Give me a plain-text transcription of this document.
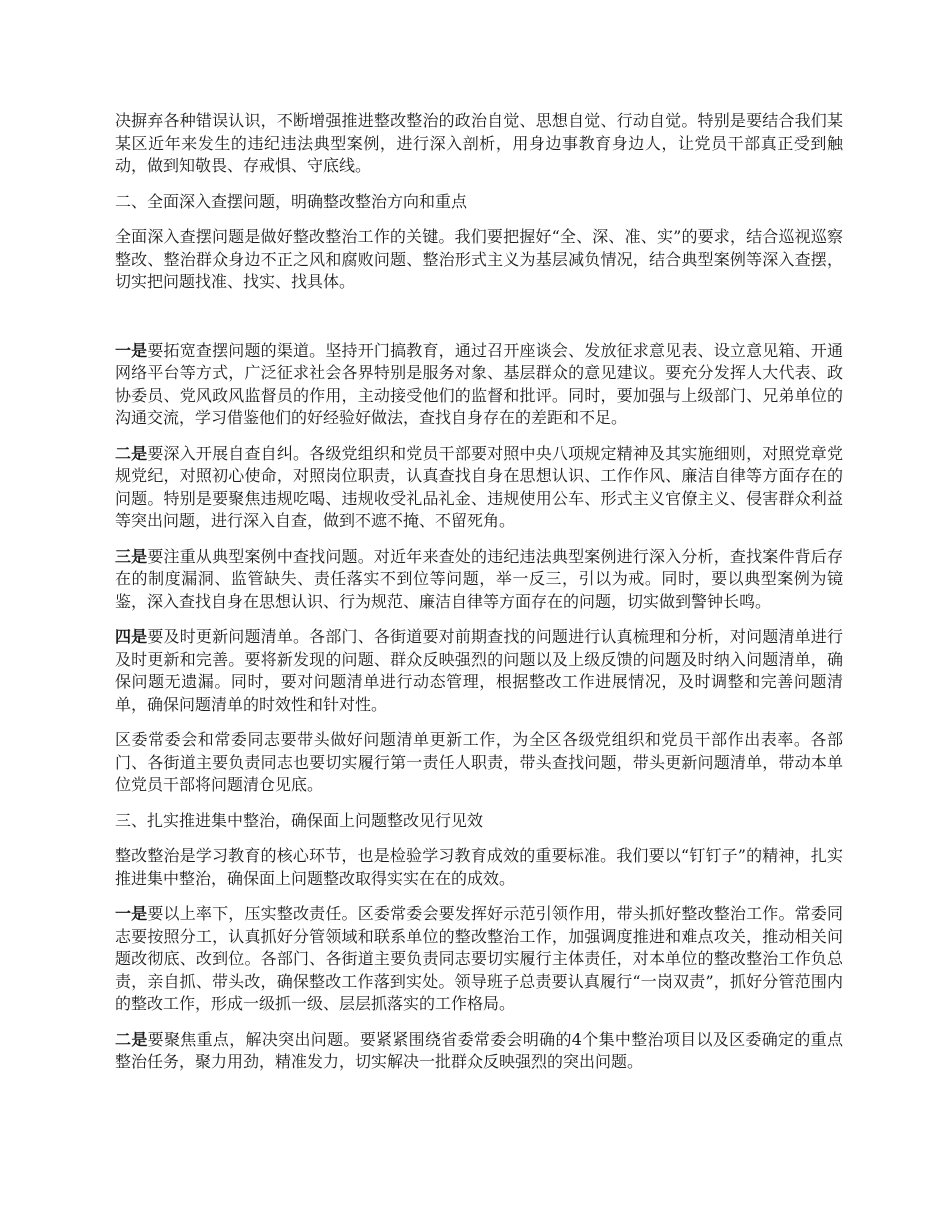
决摒弃各种错误认识，不断增强推进整改整治的政治自觉、思想自觉、行动自觉。特别是要结合我们某某区近年来发生的违纪违法典型案例，进行深入剖析，用身边事教育身边人，让党员干部真正受到触动，做到知敬畏、存戒惧、守底线。

二、全面深入查摆问题，明确整改整治方向和重点

全面深入查摆问题是做好整改整治工作的关键。我们要把握好“全、深、准、实”的要求，结合巡视巡察整改、整治群众身边不正之风和腐败问题、整治形式主义为基层减负情况，结合典型案例等深入查摆，切实把问题找准、找实、找具体。

一是要拓宽查摆问题的渠道。坚持开门搞教育，通过召开座谈会、发放征求意见表、设立意见箱、开通网络平台等方式，广泛征求社会各界特别是服务对象、基层群众的意见建议。要充分发挥人大代表、政协委员、党风政风监督员的作用，主动接受他们的监督和批评。同时，要加强与上级部门、兄弟单位的沟通交流，学习借鉴他们的好经验好做法，查找自身存在的差距和不足。

二是要深入开展自查自纠。各级党组织和党员干部要对照中央八项规定精神及其实施细则，对照党章党规党纪，对照初心使命，对照岗位职责，认真查找自身在思想认识、工作作风、廉洁自律等方面存在的问题。特别是要聚焦违规吃喝、违规收受礼品礼金、违规使用公车、形式主义官僚主义、侵害群众利益等突出问题，进行深入自查，做到不遮不掩、不留死角。

三是要注重从典型案例中查找问题。对近年来查处的违纪违法典型案例进行深入分析，查找案件背后存在的制度漏洞、监管缺失、责任落实不到位等问题，举一反三，引以为戒。同时，要以典型案例为镜鉴，深入查找自身在思想认识、行为规范、廉洁自律等方面存在的问题，切实做到警钟长鸣。

四是要及时更新问题清单。各部门、各街道要对前期查找的问题进行认真梳理和分析，对问题清单进行及时更新和完善。要将新发现的问题、群众反映强烈的问题以及上级反馈的问题及时纳入问题清单，确保问题无遗漏。同时，要对问题清单进行动态管理，根据整改工作进展情况，及时调整和完善问题清单，确保问题清单的时效性和针对性。

区委常委会和常委同志要带头做好问题清单更新工作，为全区各级党组织和党员干部作出表率。各部门、各街道主要负责同志也要切实履行第一责任人职责，带头查找问题，带头更新问题清单，带动本单位党员干部将问题清仓见底。

三、扎实推进集中整治，确保面上问题整改见行见效

整改整治是学习教育的核心环节，也是检验学习教育成效的重要标准。我们要以“钉钉子”的精神，扎实推进集中整治，确保面上问题整改取得实实在在的成效。

一是要以上率下，压实整改责任。区委常委会要发挥好示范引领作用，带头抓好整改整治工作。常委同志要按照分工，认真抓好分管领域和联系单位的整改整治工作，加强调度推进和难点攻关，推动相关问题改彻底、改到位。各部门、各街道主要负责同志要切实履行主体责任，对本单位的整改整治工作负总责，亲自抓、带头改，确保整改工作落到实处。领导班子总责要认真履行“一岗双责”，抓好分管范围内的整改工作，形成一级抓一级、层层抓落实的工作格局。

二是要聚焦重点，解决突出问题。要紧紧围绕省委常委会明确的4个集中整治项目以及区委确定的重点整治任务，聚力用劲，精准发力，切实解决一批群众反映强烈的突出问题。
